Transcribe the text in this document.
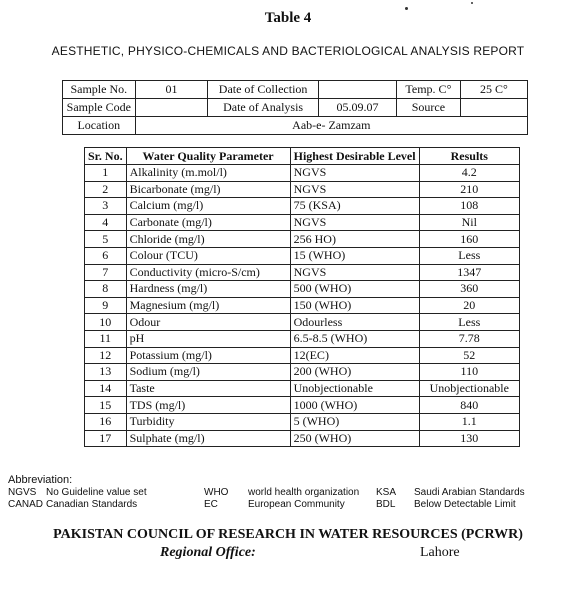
Table 4
AESTHETIC, PHYSICO-CHEMICALS AND BACTERIOLOGICAL ANALYSIS REPORT
Sample No.	01	Date of Collection		Temp. C°	25 C°
Sample Code		Date of Analysis	05.09.07	Source	
Location	Aab-e- Zamzam				
Sr. No.	Water Quality Parameter	Highest Desirable Level	Results
1	Alkalinity (m.mol/l)	NGVS	4.2
2	Bicarbonate (mg/l)	NGVS	210
3	Calcium (mg/l)	75 (KSA)	108
4	Carbonate (mg/l)	NGVS	Nil
5	Chloride (mg/l)	256 HO)	160
6	Colour (TCU)	15 (WHO)	Less
7	Conductivity (micro-S/cm)	NGVS	1347
8	Hardness (mg/l)	500 (WHO)	360
9	Magnesium (mg/l)	150 (WHO)	20
10	Odour	Odourless	Less
11	pH	6.5-8.5 (WHO)	7.78
12	Potassium (mg/l)	12(EC)	52
13	Sodium (mg/l)	200 (WHO)	110
14	Taste	Unobjectionable	Unobjectionable
15	TDS (mg/l)	1000 (WHO)	840
16	Turbidity	5 (WHO)	1.1
17	Sulphate (mg/l)	250 (WHO)	130
Abbreviation:
NGVS No Guideline value set	WHO	world health organization	KSA	Saudi Arabian Standards
CANAD Canadian Standards	EC	European Community	BDL	Below Detectable Limit
PAKISTAN COUNCIL OF RESEARCH IN WATER RESOURCES (PCRWR)
Regional Office:	Lahore
